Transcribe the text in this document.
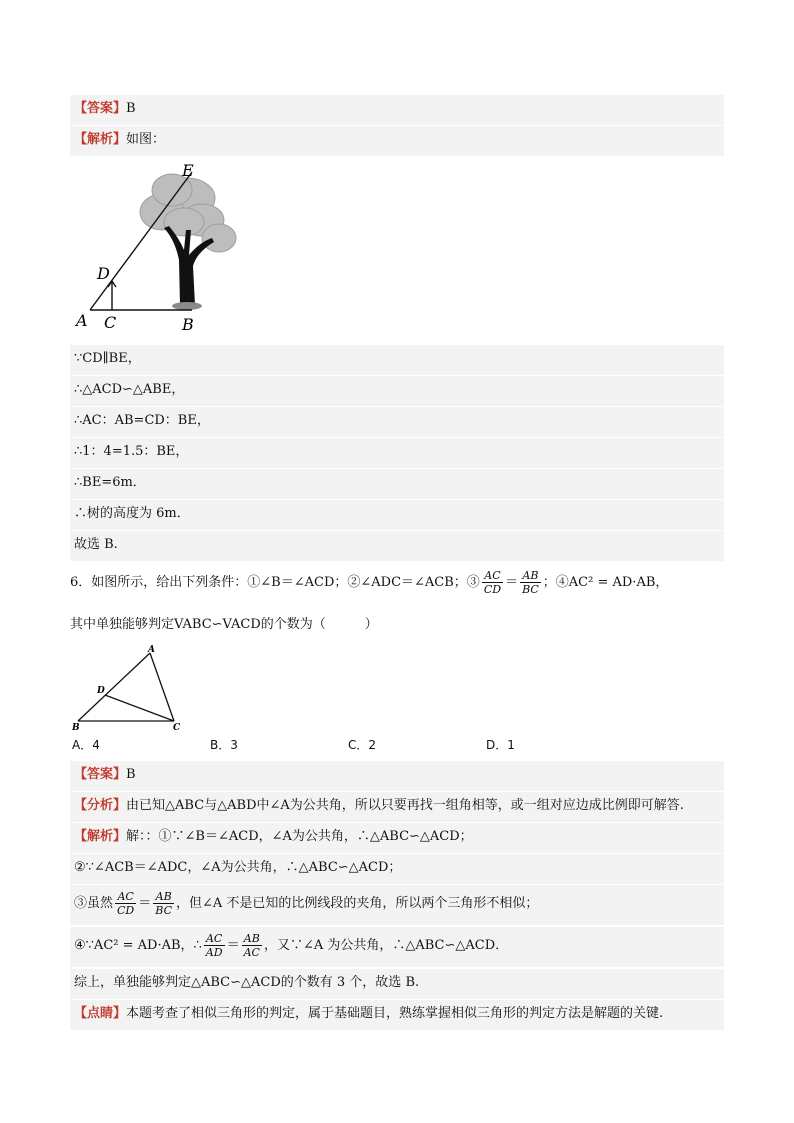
【答案】B
【解析】如图：
E
D
A C	B
∵CD∥BE，
∴△ACD∽△ABE，
∴AC：AB=CD：BE，
∴1：4=1.5：BE，
∴BE=6m．
∴树的高度为 6m．
故选 B.
6．如图所示，给出下列条件：①∠B＝∠ACD；②∠ADC＝∠ACB；③ $\frac{AC}{CD} = \frac{AB}{BC}$ ；④AC² = AD·AB，
其中单独能够判定VABC∽VACD的个数为（　　　）
A
B	C
D
A．4	B．3	C．2	D．1
【答案】B
【分析】由已知△ABC与△ABD中∠A为公共角，所以只要再找一组角相等，或一组对应边成比例即可解答.
【解析】解：：①∵∠B＝∠ACD，∠A为公共角，∴△ABC∽△ACD；
②∵∠ACB＝∠ADC，∠A为公共角，∴△ABC∽△ACD；
③虽然 $\frac{AC}{CD} = \frac{AB}{BC}$ ，但∠A 不是已知的比例线段的夹角，所以两个三角形不相似；
④∵AC² = AD·AB，∴ $\frac{AC}{AD} = \frac{AB}{AC}$ ，又∵∠A 为公共角，∴△ABC∽△ACD．
综上，单独能够判定△ABC∽△ACD的个数有 3 个，故选 B.
【点睛】本题考查了相似三角形的判定，属于基础题目，熟练掌握相似三角形的判定方法是解题的关键.
